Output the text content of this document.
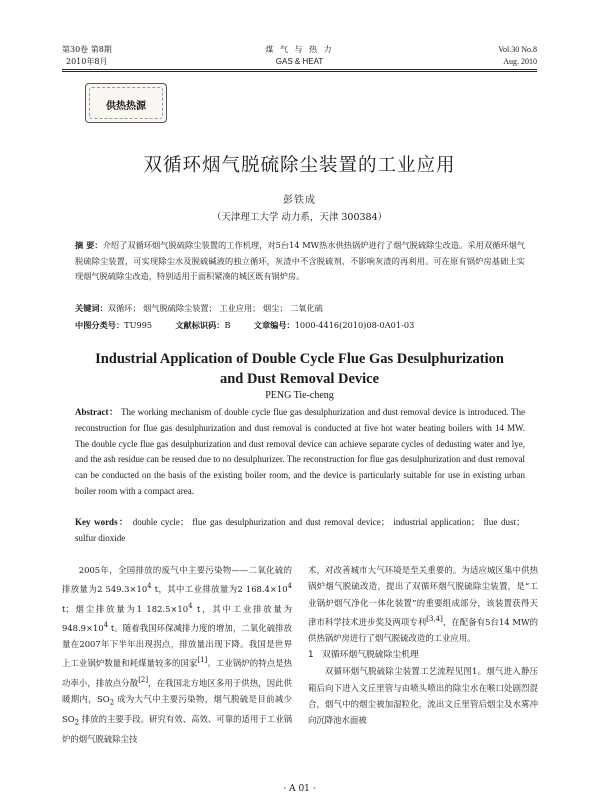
第30卷 第8期
2010年8月
煤 气 与 热 力
GAS & HEAT
Vol.30 No.8
Aug. 2010
供热热源
双循环烟气脱硫除尘装置的工业应用
彭铁成
（天津理工大学 动力系，天津 300384）
摘 要：介绍了双循环烟气脱硫除尘装置的工作机理，对5台14 MW热水供热锅炉进行了烟气脱硫除尘改造。采用双循环烟气脱硫除尘装置，可实现除尘水及脱硫碱液的独立循环，灰渣中不含脱硫剂，不影响灰渣的再利用。可在原有锅炉房基础上实现烟气脱硫除尘改造，特别适用于面积紧凑的城区既有锅炉房。
关键词：双循环； 烟气脱硫除尘装置； 工业应用； 烟尘； 二氧化硫
中图分类号：TU995	文献标识码：B	文章编号：1000-4416(2010)08-0A01-03
Industrial Application of Double Cycle Flue Gas Desulphurization
and Dust Removal Device
PENG Tie-cheng
Abstract： The working mechanism of double cycle flue gas desulphurization and dust removal device is introduced. The reconstruction for flue gas desulphurization and dust removal is conducted at five hot water heating boilers with 14 MW. The double cycle flue gas desulphurization and dust removal device can achieve separate cycles of dedusting water and lye, and the ash residue can be reused due to no desulphurizer. The reconstruction for flue gas desulphurization and dust removal can be conducted on the basis of the existing boiler room, and the device is particularly suitable for use in existing urban boiler room with a compact area.
Key words： double cycle； flue gas desulphurization and dust removal device； industrial application； flue dust； sulfur dioxide

2005年，全国排放的废气中主要污染物——二氧化硫的排放量为2 $549.3\times 10^4$ t，其中工业排放量为2 $168.4\times 10^4$ t；烟尘排放量为1 $182.5\times 10^4$ t，其中工业排放量为$948.9\times 10^4$ t。随着我国环保减排力度的增加，二氧化硫排放量在2007年下半年出现拐点，排放量出现下降。我国是世界上工业锅炉数量和耗煤量较多的国家[1]。工业锅炉的特点是热功率小，排放点分散[2]，在我国北方地区多用于供热，因此供暖期内，$SO_2$ 成为大气中主要污染物，烟气脱硫是目前减少$SO_2$ 排放的主要手段。研究有效、高效、可靠的适用于工业锅炉的烟气脱硫除尘技

术，对改善城市大气环境是至关重要的。为适应城区集中供热锅炉烟气脱硫改造，提出了双循环烟气脱硫除尘装置，是“工业锅炉烟气净化一体化装置”的重要组成部分，该装置获得天津市科学技术进步奖及两项专利[3,4]，在配备有5台14 MW的供热锅炉房进行了烟气脱硫改造的工业应用。

1 双循环烟气脱硫除尘机理

双循环烟气脱硫除尘装置工艺流程见图1。烟气进入静压箱后向下进入文丘里管与由喷头喷出的除尘水在喉口处剧烈混合，烟气中的烟尘被加湿粒化，流出文丘里管后烟尘及水雾冲向沉降池水面被

· A 01 ·
